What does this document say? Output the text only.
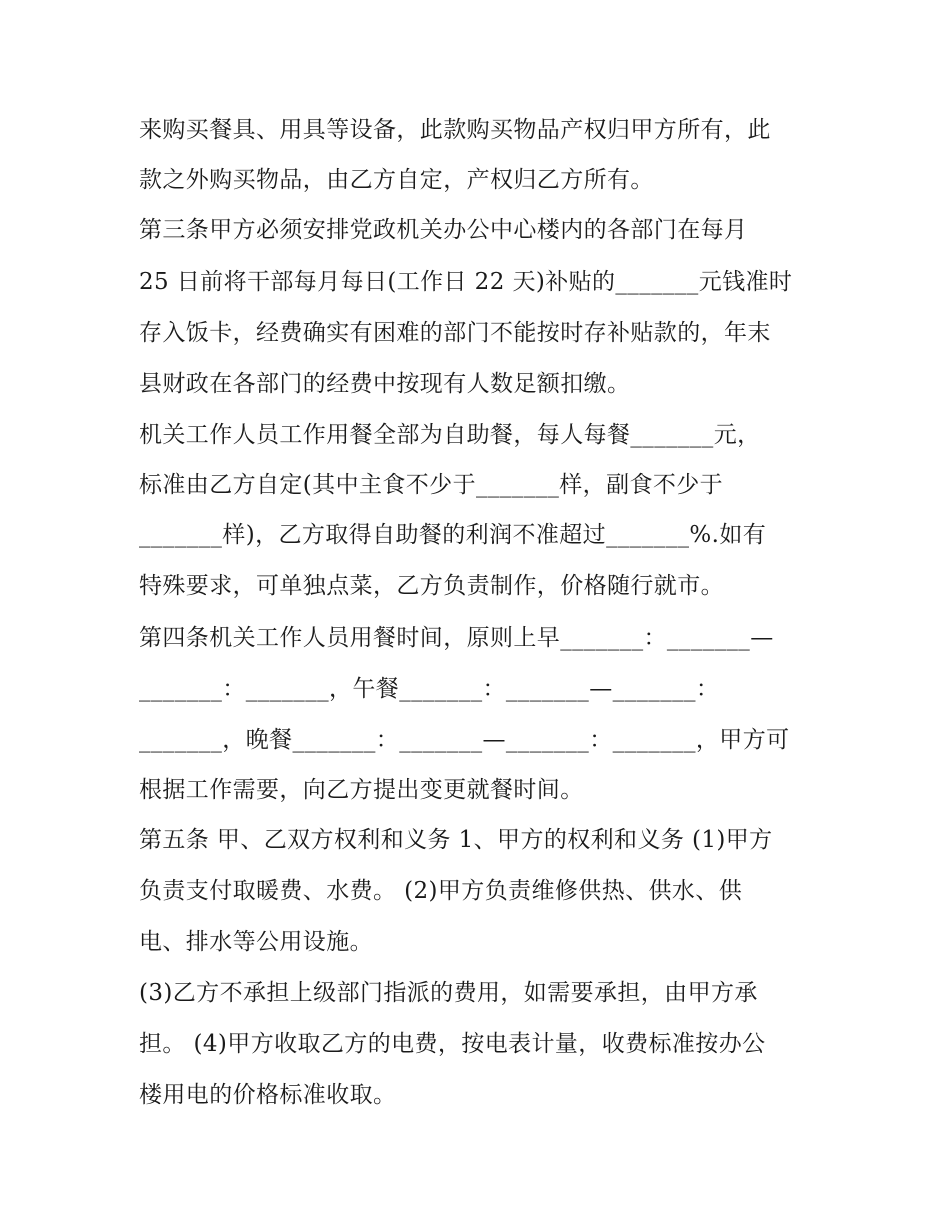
来购买餐具、用具等设备，此款购买物品产权归甲方所有，此
款之外购买物品，由乙方自定，产权归乙方所有。
第三条甲方必须安排党政机关办公中心楼内的各部门在每月
25 日前将干部每月每日(工作日 22 天)补贴的_______元钱准时
存入饭卡，经费确实有困难的部门不能按时存补贴款的，年末
县财政在各部门的经费中按现有人数足额扣缴。
机关工作人员工作用餐全部为自助餐，每人每餐_______元，
标准由乙方自定(其中主食不少于_______样，副食不少于
_______样)，乙方取得自助餐的利润不准超过_______%.如有
特殊要求，可单独点菜，乙方负责制作，价格随行就市。
第四条机关工作人员用餐时间，原则上早_______：_______—
_______：_______，午餐_______：_______—_______：
_______，晚餐_______：_______—_______：_______，甲方可
根据工作需要，向乙方提出变更就餐时间。
第五条 甲、乙双方权利和义务 1、甲方的权利和义务 (1)甲方
负责支付取暖费、水费。 (2)甲方负责维修供热、供水、供
电、排水等公用设施。
(3)乙方不承担上级部门指派的费用，如需要承担，由甲方承
担。 (4)甲方收取乙方的电费，按电表计量，收费标准按办公
楼用电的价格标准收取。
